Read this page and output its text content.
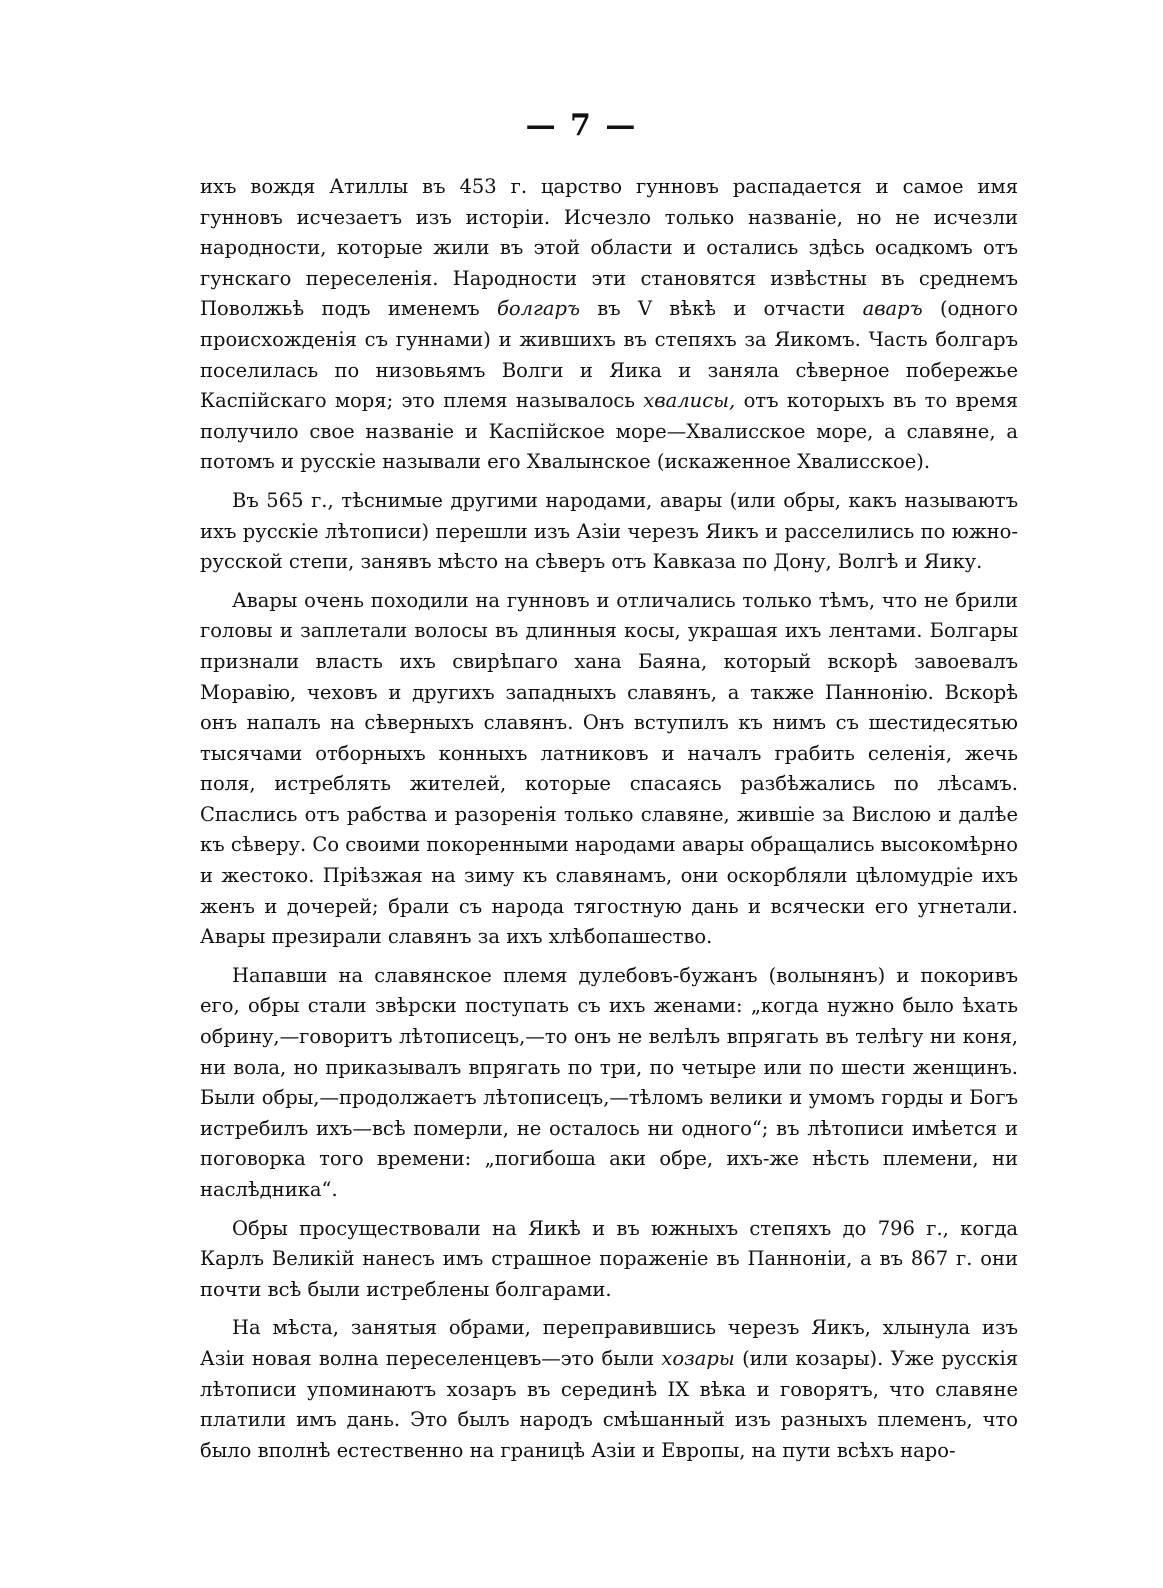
— 7 —

ихъ вождя Атиллы въ 453 г. царство гунновъ распадается и самое имя гунновъ исчезаетъ изъ исторіи. Исчезло только названіе, но не исчезли народности, которые жили въ этой области и остались здѣсь осадкомъ отъ гунскаго переселенія. Народности эти становятся извѣстны въ среднемъ Поволжьѣ подъ именемъ болгаръ въ V вѣкѣ и отчасти аваръ (одного происхожденія съ гуннами) и жившихъ въ степяхъ за Яикомъ. Часть болгаръ поселилась по низовьямъ Волги и Яика и заняла сѣверное побережье Каспійскаго моря; это племя называлось хвалисы, отъ которыхъ въ то время получило свое названіе и Каспійское море—Хвалисское море, а славяне, а потомъ и русскіе называли его Хвалынское (искаженное Хвалисское).

Въ 565 г., тѣснимые другими народами, авары (или обры, какъ называютъ ихъ русскіе лѣтописи) перешли изъ Азіи черезъ Яикъ и расселились по южно-русской степи, занявъ мѣсто на сѣверъ отъ Кавказа по Дону, Волгѣ и Яику.

Авары очень походили на гунновъ и отличались только тѣмъ, что не брили головы и заплетали волосы въ длинныя косы, украшая ихъ лентами. Болгары признали власть ихъ свирѣпаго хана Баяна, который вскорѣ завоевалъ Моравію, чеховъ и другихъ западныхъ славянъ, а также Паннонію. Вскорѣ онъ напалъ на сѣверныхъ славянъ. Онъ вступилъ къ нимъ съ шестидесятью тысячами отборныхъ конныхъ латниковъ и началъ грабить селенія, жечь поля, истреблять жителей, которые спасаясь разбѣжались по лѣсамъ. Спаслись отъ рабства и разоренія только славяне, жившіе за Вислою и далѣе къ сѣверу. Со своими покоренными народами авары обращались высокомѣрно и жестоко. Пріѣзжая на зиму къ славянамъ, они оскорбляли цѣломудріе ихъ женъ и дочерей; брали съ народа тягостную дань и всячески его угнетали. Авары презирали славянъ за ихъ хлѣбопашество.

Напавши на славянское племя дулебовъ-бужанъ (волынянъ) и покоривъ его, обры стали звѣрски поступать съ ихъ женами: „когда нужно было ѣхать обрину,—говоритъ лѣтописецъ,—то онъ не велѣлъ впрягать въ телѣгу ни коня, ни вола, но приказывалъ впрягать по три, по четыре или по шести женщинъ. Были обры,—продолжаетъ лѣтописецъ,—тѣломъ велики и умомъ горды и Богъ истребилъ ихъ—всѣ померли, не осталось ни одного“; въ лѣтописи имѣется и поговорка того времени: „погибоша аки обре, ихъ-же нѣсть племени, ни наслѣдника“.

Обры просуществовали на Яикѣ и въ южныхъ степяхъ до 796 г., когда Карлъ Великій нанесъ имъ страшное пораженіе въ Панноніи, а въ 867 г. они почти всѣ были истреблены болгарами.

На мѣста, занятыя обрами, переправившись черезъ Яикъ, хлынула изъ Азіи новая волна переселенцевъ—это были хозары (или козары). Уже русскія лѣтописи упоминаютъ хозаръ въ серединѣ IX вѣка и говорятъ, что славяне платили имъ дань. Это былъ народъ смѣшанный изъ разныхъ племенъ, что было вполнѣ естественно на границѣ Азіи и Европы, на пути всѣхъ наро-
